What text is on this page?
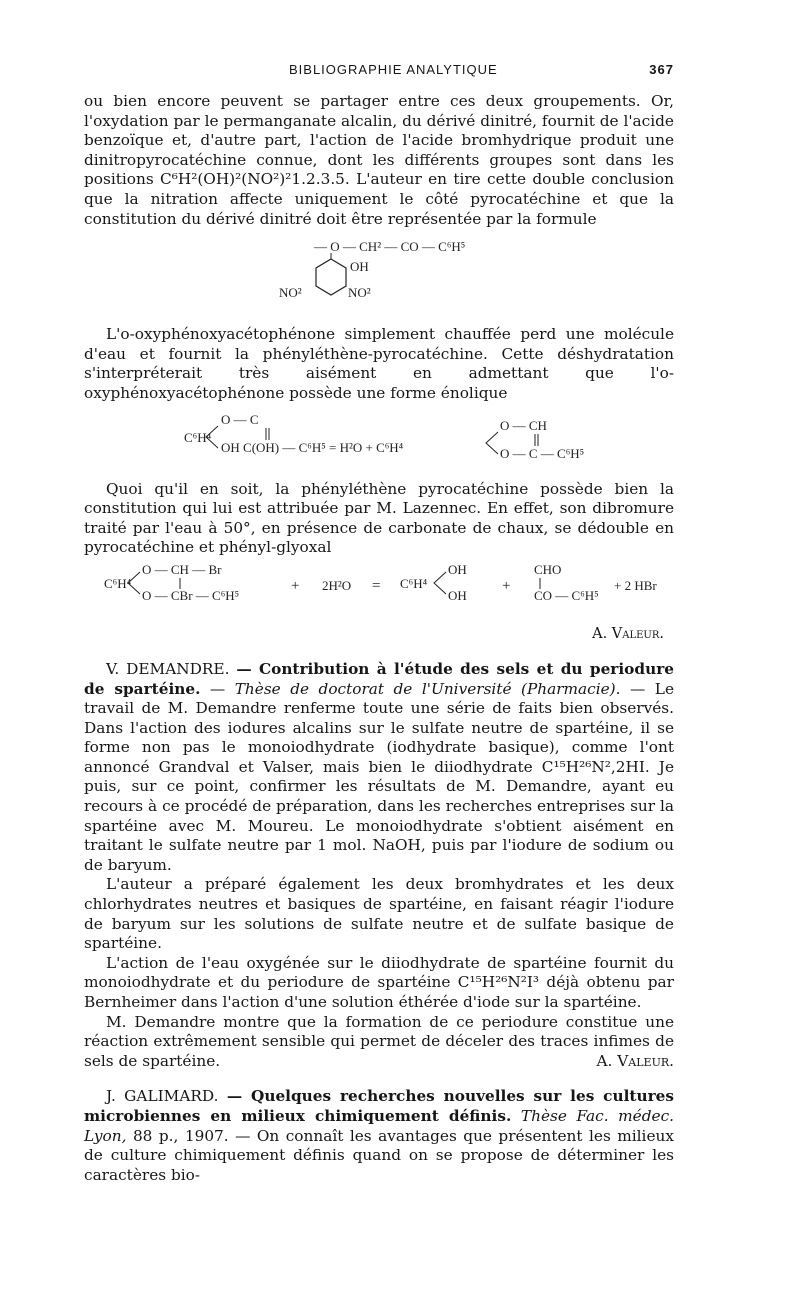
BIBLIOGRAPHIE ANALYTIQUE	367

ou bien encore peuvent se partager entre ces deux groupements. Or, l'oxydation par le permanganate alcalin, du dérivé dinitré, fournit de l'acide benzoïque et, d'autre part, l'action de l'acide bromhydrique produit une dinitropyrocatéchine connue, dont les différents groupes sont dans les positions C⁶H²(OH)²(NO²)²1.2.3.5. L'auteur en tire cette double conclusion que la nitration affecte uniquement le côté pyrocatéchine et que la constitution du dérivé dinitré doit être représentée par la formule

— O — CH² — CO — C⁶H⁵
OH
NO²	NO²

L'o-oxyphénoxyacétophénone simplement chauffée perd une molécule d'eau et fournit la phényléthène-pyrocatéchine. Cette déshydratation s'interpréterait très aisément en admettant que l'o-oxyphénoxyacétophénone possède une forme énolique

C⁶H⁴
O — C
OH C(OH) — C⁶H⁵ = H²O + C⁶H⁴
O — CH
O — C — C⁶H⁵

Quoi qu'il en soit, la phényléthène pyrocatéchine possède bien la constitution qui lui est attribuée par M. Lazennec. En effet, son dibromure traité par l'eau à 50°, en présence de carbonate de chaux, se dédouble en pyrocatéchine et phényl-glyoxal

C⁶H⁴
O — CH — Br
O — CBr — C⁶H⁵
+ 2H²O = C⁶H⁴
OH
OH
+
CHO
CO — C⁶H⁵
+ 2 HBr
A. Valeur.

V. DEMANDRE. — Contribution à l'étude des sels et du periodure de spartéine. — Thèse de doctorat de l'Université (Pharmacie). — Le travail de M. Demandre renferme toute une série de faits bien observés. Dans l'action des iodures alcalins sur le sulfate neutre de spartéine, il se forme non pas le monoiodhydrate (iodhydrate basique), comme l'ont annoncé Grandval et Valser, mais bien le diiodhydrate C¹⁵H²⁶N²,2HI. Je puis, sur ce point, confirmer les résultats de M. Demandre, ayant eu recours à ce procédé de préparation, dans les recherches entreprises sur la spartéine avec M. Moureu. Le monoiodhydrate s'obtient aisément en traitant le sulfate neutre par 1 mol. NaOH, puis par l'iodure de sodium ou de baryum.

L'auteur a préparé également les deux bromhydrates et les deux chlorhydrates neutres et basiques de spartéine, en faisant réagir l'iodure de baryum sur les solutions de sulfate neutre et de sulfate basique de spartéine.

L'action de l'eau oxygénée sur le diiodhydrate de spartéine fournit du monoiodhydrate et du periodure de spartéine C¹⁵H²⁶N²I³ déjà obtenu par Bernheimer dans l'action d'une solution éthérée d'iode sur la spartéine.

M. Demandre montre que la formation de ce periodure constitue une réaction extrêmement sensible qui permet de déceler des traces infimes de sels de spartéine.	A. Valeur.

J. GALIMARD. — Quelques recherches nouvelles sur les cultures microbiennes en milieux chimiquement définis. Thèse Fac. médec. Lyon, 88 p., 1907. — On connaît les avantages que présentent les milieux de culture chimiquement définis quand on se propose de déterminer les caractères bio-
